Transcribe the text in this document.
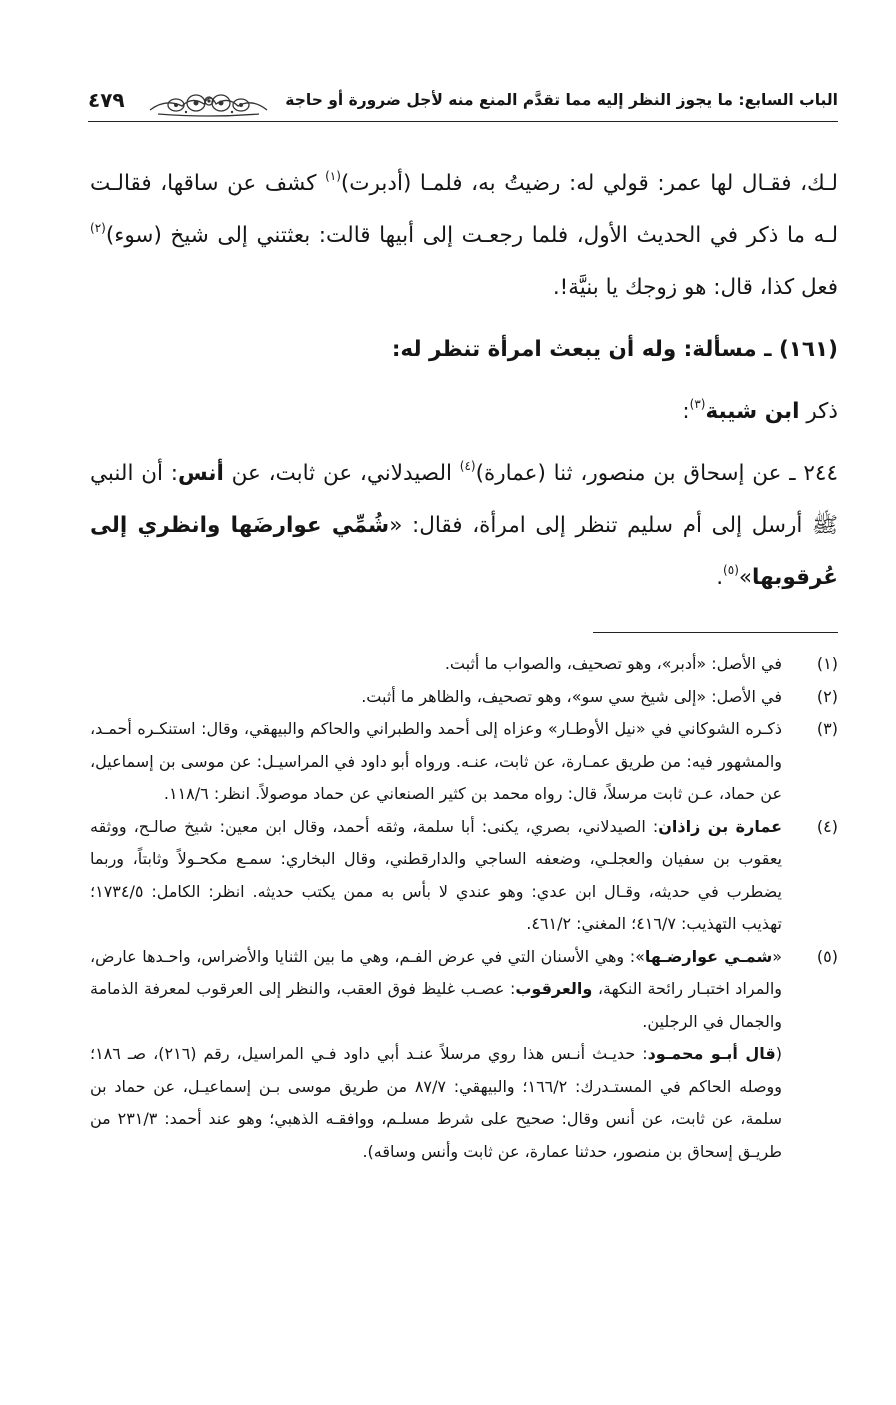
الباب السابع: ما يجوز النظر إليه مما تقدَّم المنع منه لأجل ضرورة أو حاجة
٤٧٩

لـك، فقـال لها عمر: قولي له: رضيتُ به، فلمـا (أدبرت)$^{(١)}$ كشف عن ساقها، فقالـت لـه ما ذكر في الحديث الأول، فلما رجعـت إلى أبيها قالت: بعثتني إلى شيخ (سوء)$^{(٢)}$ فعل كذا، قال: هو زوجك يا بنيَّة!.

(١٦١) ـ مسألة: وله أن يبعث امرأة تنظر له:

ذكر ابن شيبة$^{(٣)}$:

٢٤٤ ـ عن إسحاق بن منصور، ثنا (عمارة)$^{(٤)}$ الصيدلاني، عن ثابت، عن أنس: أن النبي ﷺ أرسل إلى أم سليم تنظر إلى امرأة، فقال: «شُمِّي عوارضَها وانظري إلى عُرقوبها»$^{(٥)}$.

(١)
في الأصل: «أدبر»، وهو تصحيف، والصواب ما أثبت.

(٢)
في الأصل: «إلى شيخ سي سو»، وهو تصحيف، والظاهر ما أثبت.

(٣)
ذكـره الشوكاني في «نيل الأوطـار» وعزاه إلى أحمد والطبراني والحاكم والبيهقي، وقال: استنكـره أحمـد، والمشهور فيه: من طريق عمـارة، عن ثابت، عنـه. ورواه أبو داود في المراسيـل: عن موسى بن إسماعيل، عن حماد، عـن ثابت مرسلاً، قال: رواه محمد بن كثير الصنعاني عن حماد موصولاً. انظر: ١١٨/٦.

(٤)
عمارة بن زاذان: الصيدلاني، بصري، يكنى: أبا سلمة، وثقه أحمد، وقال ابن معين: شيخ صالـح، ووثقه يعقوب بن سفيان والعجلـي، وضعفه الساجي والدارقطني، وقال البخاري: سمـع مكحـولاً وثابتاً، وربما يضطرب في حديثه، وقـال ابن عدي: وهو عندي لا بأس به ممن يكتب حديثه. انظر: الكامل: ١٧٣٤/٥؛ تهذيب التهذيب: ٤١٦/٧؛ المغني: ٤٦١/٢.

(٥)
«شمـي عوارضـها»: وهي الأسنان التي في عرض الفـم، وهي ما بين الثنايا والأضراس، واحـدها عارض، والمراد اختبـار رائحة النكهة، والعرقوب: عصـب غليظ فوق العقب، والنظر إلى العرقوب لمعرفة الذمامة والجمال في الرجلين.

(قال أبـو محمـود: حديـث أنـس هذا روي مرسلاً عنـد أبي داود فـي المراسيل، رقم (٢١٦)، صـ ١٨٦؛ ووصله الحاكم في المستـدرك: ١٦٦/٢؛ والبيهقي: ٨٧/٧ من طريق موسى بـن إسماعيـل، عن حماد بن سلمة، عن ثابت، عن أنس وقال: صحيح على شرط مسلـم، ووافقـه الذهبي؛ وهو عند أحمد: ٢٣١/٣ من طريـق إسحاق بن منصور، حدثنا عمارة، عن ثابت وأنس وساقه).
